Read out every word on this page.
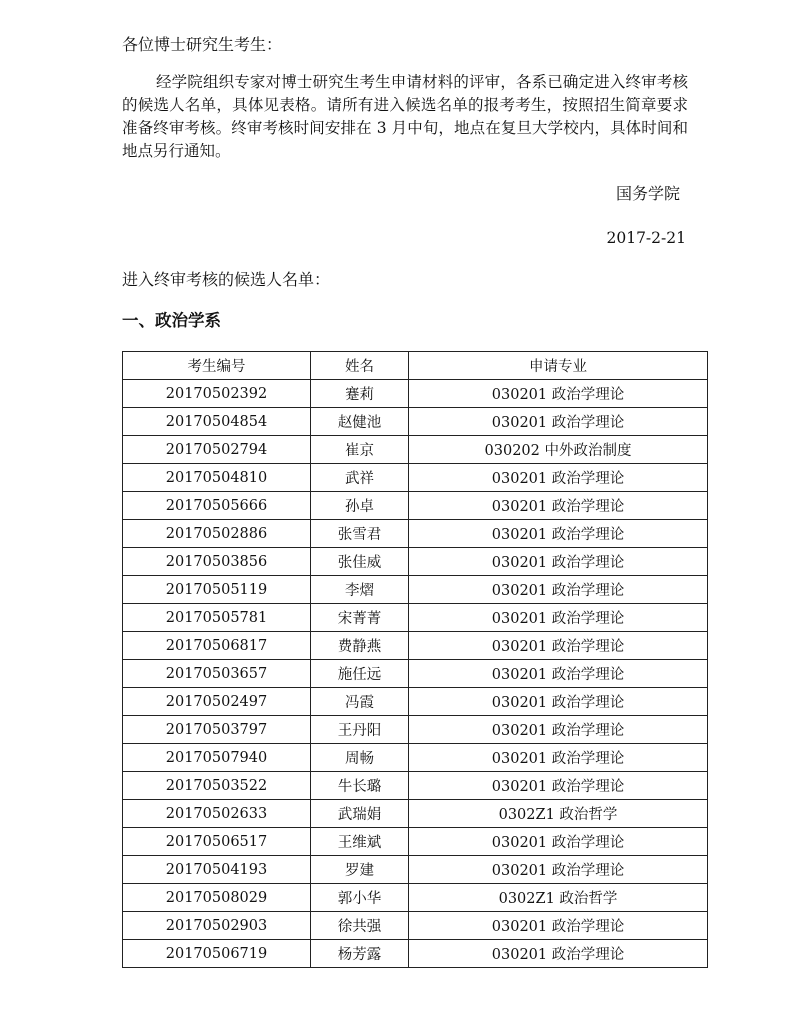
各位博士研究生考生：
经学院组织专家对博士研究生考生申请材料的评审，各系已确定进入终审考核的候选人名单，具体见表格。请所有进入候选名单的报考考生，按照招生简章要求准备终审考核。终审考核时间安排在 3 月中旬，地点在复旦大学校内，具体时间和地点另行通知。
国务学院
2017-2-21
进入终审考核的候选人名单：
一、政治学系
考生编号	姓名	申请专业
20170502392	蹇莉	030201 政治学理论
20170504854	赵健池	030201 政治学理论
20170502794	崔京	030202 中外政治制度
20170504810	武祥	030201 政治学理论
20170505666	孙卓	030201 政治学理论
20170502886	张雪君	030201 政治学理论
20170503856	张佳威	030201 政治学理论
20170505119	李熠	030201 政治学理论
20170505781	宋菁菁	030201 政治学理论
20170506817	费静燕	030201 政治学理论
20170503657	施任远	030201 政治学理论
20170502497	冯霞	030201 政治学理论
20170503797	王丹阳	030201 政治学理论
20170507940	周畅	030201 政治学理论
20170503522	牛长璐	030201 政治学理论
20170502633	武瑞娟	0302Z1 政治哲学
20170506517	王维斌	030201 政治学理论
20170504193	罗建	030201 政治学理论
20170508029	郭小华	0302Z1 政治哲学
20170502903	徐共强	030201 政治学理论
20170506719	杨芳露	030201 政治学理论
